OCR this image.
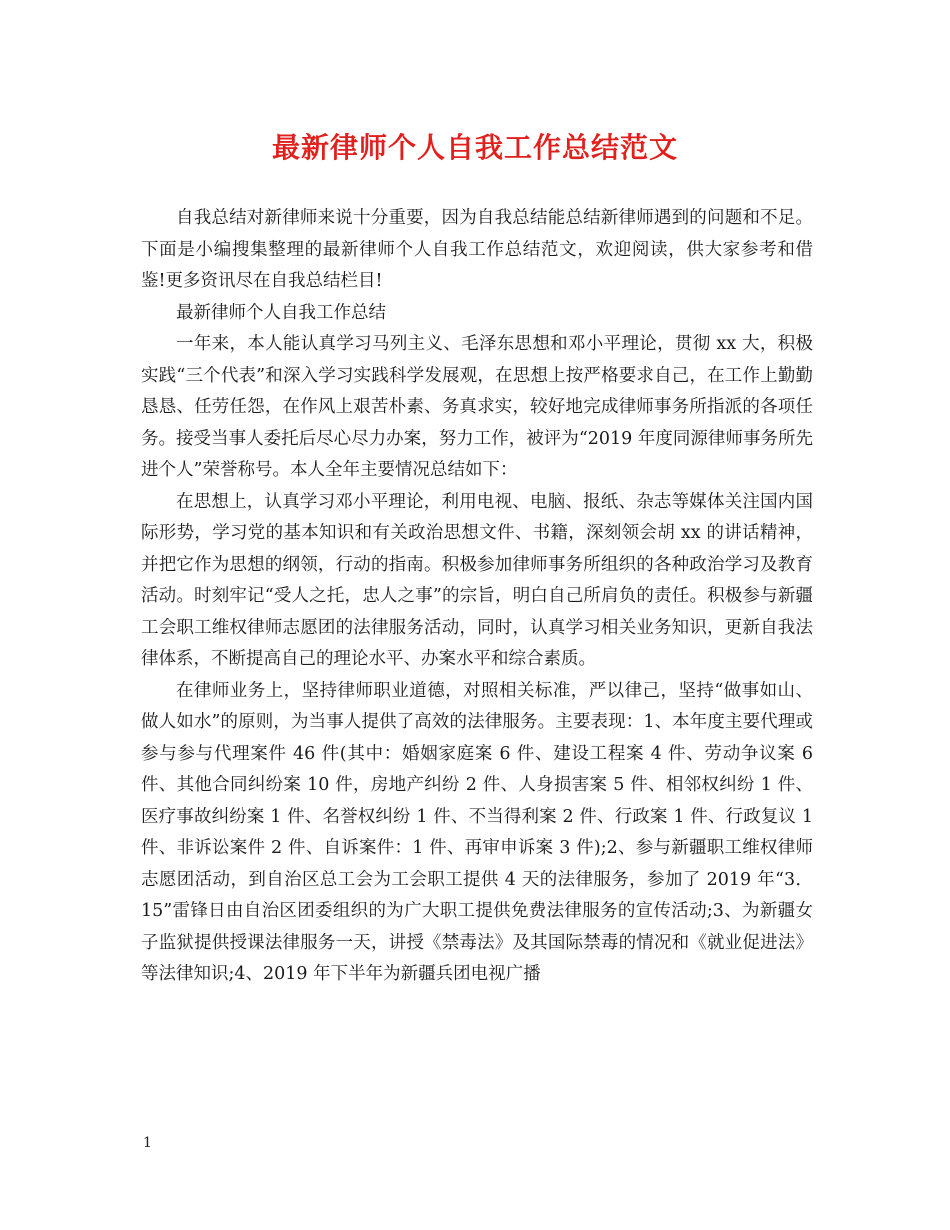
最新律师个人自我工作总结范文

自我总结对新律师来说十分重要，因为自我总结能总结新律师遇到的问题和不足。下面是小编搜集整理的最新律师个人自我工作总结范文，欢迎阅读，供大家参考和借鉴!更多资讯尽在自我总结栏目!

最新律师个人自我工作总结

一年来，本人能认真学习马列主义、毛泽东思想和邓小平理论，贯彻 xx 大，积极实践“三个代表”和深入学习实践科学发展观，在思想上按严格要求自己，在工作上勤勤恳恳、任劳任怨，在作风上艰苦朴素、务真求实，较好地完成律师事务所指派的各项任务。接受当事人委托后尽心尽力办案，努力工作，被评为“2019 年度同源律师事务所先进个人”荣誉称号。本人全年主要情况总结如下：

在思想上，认真学习邓小平理论，利用电视、电脑、报纸、杂志等媒体关注国内国际形势，学习党的基本知识和有关政治思想文件、书籍，深刻领会胡 xx 的讲话精神，并把它作为思想的纲领，行动的指南。积极参加律师事务所组织的各种政治学习及教育活动。时刻牢记“受人之托，忠人之事”的宗旨，明白自己所肩负的责任。积极参与新疆工会职工维权律师志愿团的法律服务活动，同时，认真学习相关业务知识，更新自我法律体系，不断提高自己的理论水平、办案水平和综合素质。

在律师业务上，坚持律师职业道德，对照相关标准，严以律己，坚持“做事如山、做人如水”的原则，为当事人提供了高效的法律服务。主要表现：1、本年度主要代理或参与参与代理案件 46 件(其中：婚姻家庭案 6 件、建设工程案 4 件、劳动争议案 6 件、其他合同纠纷案 10 件，房地产纠纷 2 件、人身损害案 5 件、相邻权纠纷 1 件、医疗事故纠纷案 1 件、名誉权纠纷 1 件、不当得利案 2 件、行政案 1 件、行政复议 1 件、非诉讼案件 2 件、自诉案件：1 件、再审申诉案 3 件);2、参与新疆职工维权律师志愿团活动，到自治区总工会为工会职工提供 4 天的法律服务，参加了 2019 年“3．15”雷锋日由自治区团委组织的为广大职工提供免费法律服务的宣传活动;3、为新疆女子监狱提供授课法律服务一天，讲授《禁毒法》及其国际禁毒的情况和《就业促进法》等法律知识;4、2019 年下半年为新疆兵团电视广播

1
